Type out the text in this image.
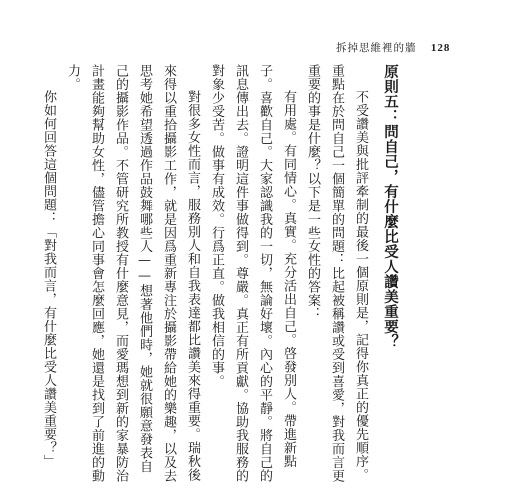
拆掉思維裡的牆 128

原則五：問自己，有什麼比受人讚美重要？

不受讚美與批評牽制的最後一個原則是，記得你真正的優先順序。重點在於問自己一個簡單的問題：比起被稱讚或受到喜愛，對我而言更重要的事是什麼？以下是一些女性的答案：

有用處。有同情心。真實。充分活出自己。啓發別人。帶進新點子。喜歡自己。大家認識我的一切，無論好壞。內心的平靜。將自己的訊息傳出去。證明這件事做得到。尊嚴。真正有所貢獻。協助我服務的對象少受苦。做事有成效。行爲正直。做我相信的事。

對很多女性而言，服務別人和自我表達都比讚美來得重要。瑞秋後來得以重拾攝影工作，就是因爲重新專注於攝影帶給她的樂趣，以及去思考她希望透過作品鼓舞哪些人——想著他們時，她就很願意發表自己的攝影作品。不管研究所教授有什麼意見，而愛瑪想到新的家暴防治計畫能夠幫助女性，儘管擔心同事會怎麼回應，她還是找到了前進的動力。

你如何回答這個問題：「對我而言，有什麼比受人讚美重要？」
